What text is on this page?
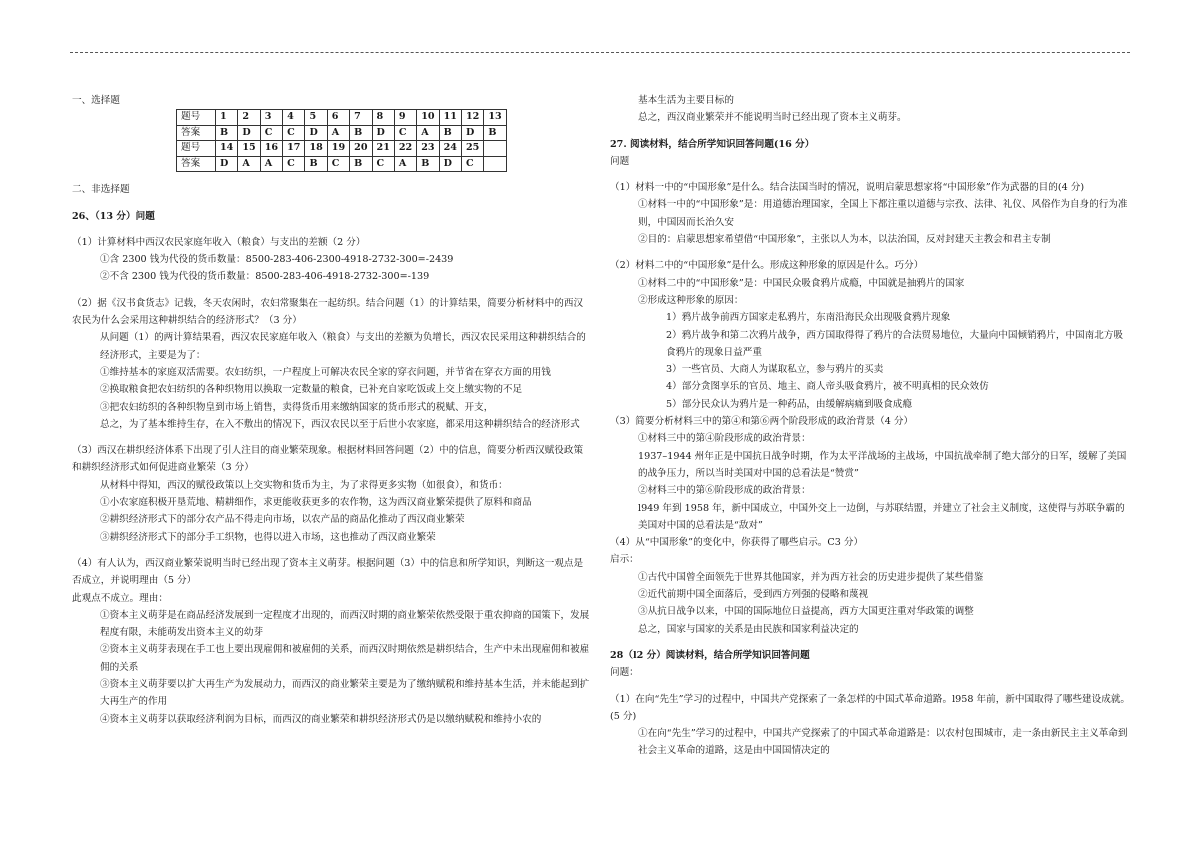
一、选择题

题号	1	2	3	4	5	6	7	8	9	10	11	12	13
答案	B	D	C	C	D	A	B	D	C	A	B	D	B
题号	14	15	16	17	18	19	20	21	22	23	24	25	
答案	D	A	A	C	B	C	B	C	A	B	D	C	

二、非选择题

26、（13 分）问题

（1）计算材料中西汉农民家庭年收入（粮食）与支出的差额（2 分）

①含 2300 钱为代役的货币数量：8500-283-406-2300-4918-2732-300=-2439

②不含 2300 钱为代役的货币数量：8500-283-406-4918-2732-300=-139

（2）据《汉书食货志》记载，冬天农闲时，农妇常聚集在一起纺织。结合问题（1）的计算结果，简要分析材料中的西汉农民为什么会采用这种耕织结合的经济形式？（3 分）

从问题（1）的两计算结果看，西汉农民家庭年收入（粮食）与支出的差额为负增长，西汉农民采用这种耕织结合的经济形式，主要是为了：

①维持基本的家庭双活需要。农妇纺织，一户程度上可解决农民全家的穿衣问题，并节省在穿衣方面的用钱

②换取粮食把农妇纺织的各种织物用以换取一定数量的粮食，已补充自家吃饭或上交上缴实物的不足

③把农妇纺织的各种织物皇到市场上销售，卖得货币用来缴纳国家的货币形式的税赋、开支，

总之，为了基本维持生存，在入不敷出的情况下，西汉农民以至于后世小农家庭，都采用这种耕织结合的经济形式

（3）西汉在耕织经济体系下出现了引人注目的商业繁荣现象。根据材料回答问题（2）中的信息，简要分析西汉赋役政策和耕织经济形式如何促进商业繁荣（3 分）

从材料中得知，西汉的赋役政策以上交实物和货币为主，为了求得更多实物（如很食），和货币：

①小农家庭积极开垦荒地、精耕细作，求更能收获更多的农作物，这为西汉商业繁荣提供了原料和商品

②耕织经济形式下的部分农产品不得走向市场，以农产品的商品化推动了西汉商业繁荣

③耕织经济形式下的部分手工织物，也得以进入市场，这也推动了西汉商业繁荣

（4）有人认为，西汉商业繁荣说明当时已经出现了资本主义萌芽。根据问题（3）中的信息和所学知识，判断这一观点是否成立，并说明理由（5 分）

此观点不成立。理由：

①资本主义萌芽是在商品经济发展到一定程度才出现的，而西汉时期的商业繁荣依然受限于重农抑商的国策下，发展程度有限，未能萌发出资本主义的幼芽

②资本主义萌芽表现在手工也上要出现雇佣和被雇佣的关系，而西汉时期依然是耕织结合，生产中未出现雇佣和被雇佣的关系

③资本主义萌芽要以扩大再生产为发展动力，而西汉的商业繁荣主要是为了缴纳赋税和维持基本生活，并未能起到扩大再生产的作用

④资本主义萌芽以获取经济利润为目标，而西汉的商业繁荣和耕织经济形式仍是以缴纳赋税和维持小农的

基本生活为主要目标的

总之，西汉商业繁荣并不能说明当时已经出现了资本主义萌芽。

27. 阅读材料，结合所学知识回答问题(16 分）

问题

（1）材料一中的“中国形象”是什么。结合法国当时的情况，说明启蒙思想家将“中国形象”作为武器的目的(4 分)

①材料一中的“中国形象”是：用道德治理国家，全国上下都注重以道德与宗孜、法律、礼仪、风俗作为自身的行为准则，中国因而长治久安

②目的：启蒙思想家希望借“中国形象”，主张以人为本，以法治国，反对封建天主教会和君主专制

（2）材料二中的“中国形象”是什么。形成这种形象的原因是什么。巧分）

①材料二中的“中国形象”是：中国民众吸食鸦片成瘾，中国就是抽鸦片的国家

②形成这种形象的原因：

1）鸦片战争前西方国家走私鸦片，东南沿海民众出现吸食鸦片现象

2）鸦片战争和第二次鸦片战争，西方国取得得了鸦片的合法贸易地位，大量向中国倾销鸦片，中国南北方吸食鸦片的现象日益严重

3）一些官员、大商人为谋取私立，参与鸦片的买卖

4）部分贪图享乐的官员、地主、商人帝头吸食鸦片，被不明真相的民众效仿

5）部分民众认为鸦片是一种药品，由缓解病痛到吸食成瘾

（3）简要分析材料三中的第④和第⑥两个阶段形成的政治背景（4 分）

①材料三中的第④阶段形成的政治背景：

1937–1944 州年正是中国抗日战争时期，作为太平洋战场的主战场，中国抗战牵制了绝大部分的日军，缓解了美国的战争压力，所以当时美国对中国的总看法是“赞赏”

②材料三中的第⑥阶段形成的政治背景：

l949 年到 1958 年，新中国成立，中国外交上一边倒，与苏联结盟，并建立了社会主义制度，这使得与苏联争霸的美国对中国的总看法是“敌对”

（4）从“中国形象”的变化中，你获得了哪些启示。C3 分）

启示：

①古代中国曾全面领先于世界其他国家，并为西方社会的历史进步提供了某些借鉴

②近代前期中国全面落后，受到西方列强的侵略和蔑视

③从抗日战争以来，中国的国际地位日益提高，西方大国更注重对华政策的调整

总之，国家与国家的关系是由民族和国家利益决定的

28（l2 分）阅读材料，结合所学知识回答问题

问题：

（1）在向“先生”学习的过程中，中国共产党探索了一条怎样的中国式革命道路。l958 年前，新中国取得了哪些建设成就。(5 分)

①在向“先生”学习的过程中，中国共产党探索了的中国式革命道路是：以农村包围城市，走一条由新民主主义革命到社会主义革命的道路，这是由中国国情决定的
